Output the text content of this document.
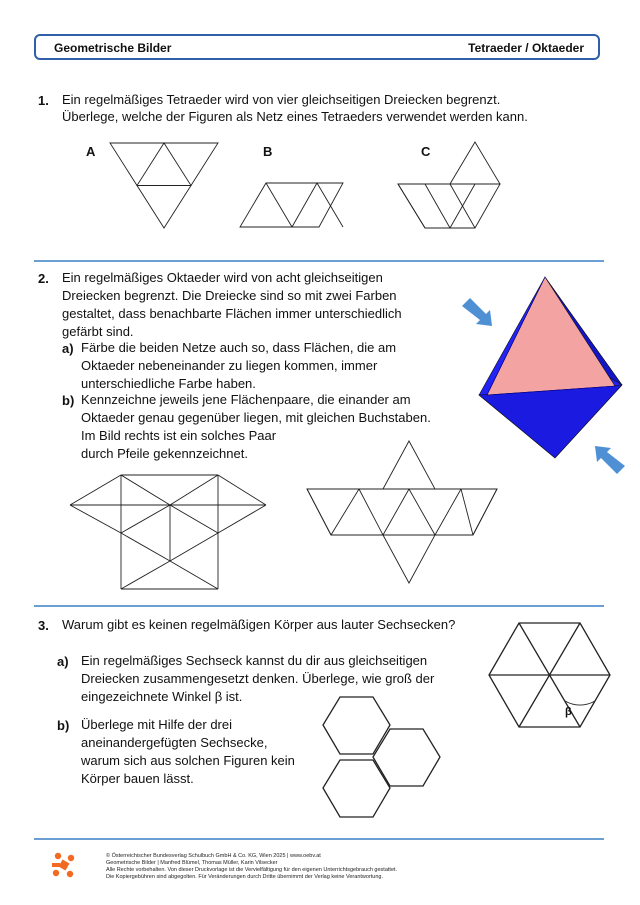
Geometrische Bilder	Tetraeder / Oktaeder
1. Ein regelmäßiges Tetraeder wird von vier gleichseitigen Dreiecken begrenzt.
Überlege, welche der Figuren als Netz eines Tetraeders verwendet werden kann.
A	B	C
2. Ein regelmäßiges Oktaeder wird von acht gleichseitigen
Dreiecken begrenzt. Die Dreiecke sind so mit zwei Farben
gestaltet, dass benachbarte Flächen immer unterschiedlich
gefärbt sind.
a) Färbe die beiden Netze auch so, dass Flächen, die am
Oktaeder nebeneinander zu liegen kommen, immer
unterschiedliche Farbe haben.
b) Kennzeichne jeweils jene Flächenpaare, die einander am
Oktaeder genau gegenüber liegen, mit gleichen Buchstaben.
Im Bild rechts ist ein solches Paar
durch Pfeile gekennzeichnet.
3. Warum gibt es keinen regelmäßigen Körper aus lauter Sechsecken?
a) Ein regelmäßiges Sechseck kannst du dir aus gleichseitigen
Dreiecken zusammengesetzt denken. Überlege, wie groß der
eingezeichnete Winkel β ist.
b) Überlege mit Hilfe der drei
aneinandergefügten Sechsecke,
warum sich aus solchen Figuren kein
Körper bauen lässt.
β
© Österreichischer Bundesverlag Schulbuch GmbH & Co. KG, Wien 2025 | www.oebv.at
Geometrische Bilder | Manfred Blümel, Thomas Müller, Karin Vilsecker
Alle Rechte vorbehalten. Von dieser Druckvorlage ist die Vervielfältigung für den eigenen Unterrichtsgebrauch gestattet.
Die Kopiergebühren sind abgegolten. Für Veränderungen durch Dritte übernimmt der Verlag keine Verantwortung.
